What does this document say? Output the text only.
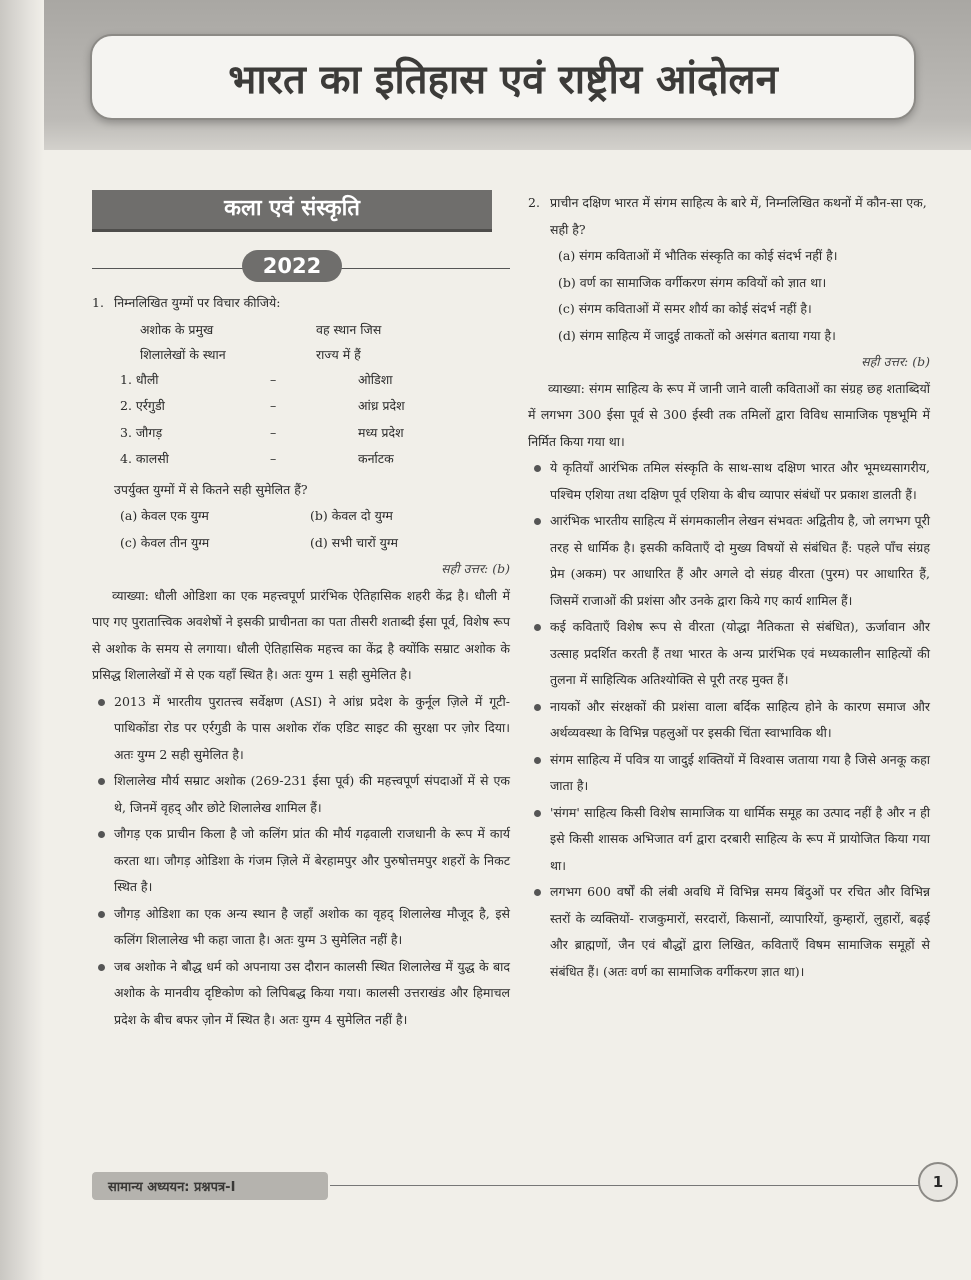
भारत का इतिहास एवं राष्ट्रीय आंदोलन
कला एवं संस्कृति
2022
1. निम्नलिखित युग्मों पर विचार कीजिये:
अशोक के प्रमुख	वह स्थान जिस
शिलालेखों के स्थान	राज्य में हैं
1. धौली	–	ओडिशा
2. एर्रगुडी	–	आंध्र प्रदेश
3. जौगड़	–	मध्य प्रदेश
4. कालसी	–	कर्नाटक
उपर्युक्त युग्मों में से कितने सही सुमेलित हैं?
(a) केवल एक युग्म	(b) केवल दो युग्म
(c) केवल तीन युग्म	(d) सभी चारों युग्म
सही उत्तर: (b)

व्याख्या: धौली ओडिशा का एक महत्त्वपूर्ण प्रारंभिक ऐतिहासिक शहरी केंद्र है। धौली में पाए गए पुरातात्त्विक अवशेषों ने इसकी प्राचीनता का पता तीसरी शताब्दी ईसा पूर्व, विशेष रूप से अशोक के समय से लगाया। धौली ऐतिहासिक महत्त्व का केंद्र है क्योंकि सम्राट अशोक के प्रसिद्ध शिलालेखों में से एक यहाँ स्थित है। अतः युग्म 1 सही सुमेलित है।

2013 में भारतीय पुरातत्त्व सर्वेक्षण (ASI) ने आंध्र प्रदेश के कुर्नूल ज़िले में गूटी-पाथिकोंडा रोड पर एर्रगुडी के पास अशोक रॉक एडिट साइट की सुरक्षा पर ज़ोर दिया। अतः युग्म 2 सही सुमेलित है।

शिलालेख मौर्य सम्राट अशोक (269-231 ईसा पूर्व) की महत्त्वपूर्ण संपदाओं में से एक थे, जिनमें वृहद् और छोटे शिलालेख शामिल हैं।

जौगड़ एक प्राचीन किला है जो कलिंग प्रांत की मौर्य गढ़वाली राजधानी के रूप में कार्य करता था। जौगड़ ओडिशा के गंजम ज़िले में बेरहामपुर और पुरुषोत्तमपुर शहरों के निकट स्थित है।

जौगड़ ओडिशा का एक अन्य स्थान है जहाँ अशोक का वृहद् शिलालेख मौजूद है, इसे कलिंग शिलालेख भी कहा जाता है। अतः युग्म 3 सुमेलित नहीं है।

जब अशोक ने बौद्ध धर्म को अपनाया उस दौरान कालसी स्थित शिलालेख में युद्ध के बाद अशोक के मानवीय दृष्टिकोण को लिपिबद्ध किया गया। कालसी उत्तराखंड और हिमाचल प्रदेश के बीच बफर ज़ोन में स्थित है। अतः युग्म 4 सुमेलित नहीं है।

2. प्राचीन दक्षिण भारत में संगम साहित्य के बारे में, निम्नलिखित कथनों में कौन-सा एक, सही है?

(a) संगम कविताओं में भौतिक संस्कृति का कोई संदर्भ नहीं है।

(b) वर्ण का सामाजिक वर्गीकरण संगम कवियों को ज्ञात था।

(c) संगम कविताओं में समर शौर्य का कोई संदर्भ नहीं है।

(d) संगम साहित्य में जादुई ताकतों को असंगत बताया गया है।

सही उत्तर: (b)

व्याख्या: संगम साहित्य के रूप में जानी जाने वाली कविताओं का संग्रह छह शताब्दियों में लगभग 300 ईसा पूर्व से 300 ईस्वी तक तमिलों द्वारा विविध सामाजिक पृष्ठभूमि में निर्मित किया गया था।

ये कृतियाँ आरंभिक तमिल संस्कृति के साथ-साथ दक्षिण भारत और भूमध्यसागरीय, पश्चिम एशिया तथा दक्षिण पूर्व एशिया के बीच व्यापार संबंधों पर प्रकाश डालती हैं।

आरंभिक भारतीय साहित्य में संगमकालीन लेखन संभवतः अद्वितीय है, जो लगभग पूरी तरह से धार्मिक है। इसकी कविताएँ दो मुख्य विषयों से संबंधित हैं: पहले पाँच संग्रह प्रेम (अकम) पर आधारित हैं और अगले दो संग्रह वीरता (पुरम) पर आधारित हैं, जिसमें राजाओं की प्रशंसा और उनके द्वारा किये गए कार्य शामिल हैं।

कई कविताएँ विशेष रूप से वीरता (योद्धा नैतिकता से संबंधित), ऊर्जावान और उत्साह प्रदर्शित करती हैं तथा भारत के अन्य प्रारंभिक एवं मध्यकालीन साहित्यों की तुलना में साहित्यिक अतिश्योक्ति से पूरी तरह मुक्त हैं।

नायकों और संरक्षकों की प्रशंसा वाला बर्दिक साहित्य होने के कारण समाज और अर्थव्यवस्था के विभिन्न पहलुओं पर इसकी चिंता स्वाभाविक थी।

संगम साहित्य में पवित्र या जादुई शक्तियों में विश्वास जताया गया है जिसे अनकू कहा जाता है।

'संगम' साहित्य किसी विशेष सामाजिक या धार्मिक समूह का उत्पाद नहीं है और न ही इसे किसी शासक अभिजात वर्ग द्वारा दरबारी साहित्य के रूप में प्रायोजित किया गया था।

लगभग 600 वर्षों की लंबी अवधि में विभिन्न समय बिंदुओं पर रचित और विभिन्न स्तरों के व्यक्तियों- राजकुमारों, सरदारों, किसानों, व्यापारियों, कुम्हारों, लुहारों, बढ़ई और ब्राह्मणों, जैन एवं बौद्धों द्वारा लिखित, कविताएँ विषम सामाजिक समूहों से संबंधित हैं। (अतः वर्ण का सामाजिक वर्गीकरण ज्ञात था)।

सामान्य अध्ययन: प्रश्नपत्र-I	1
